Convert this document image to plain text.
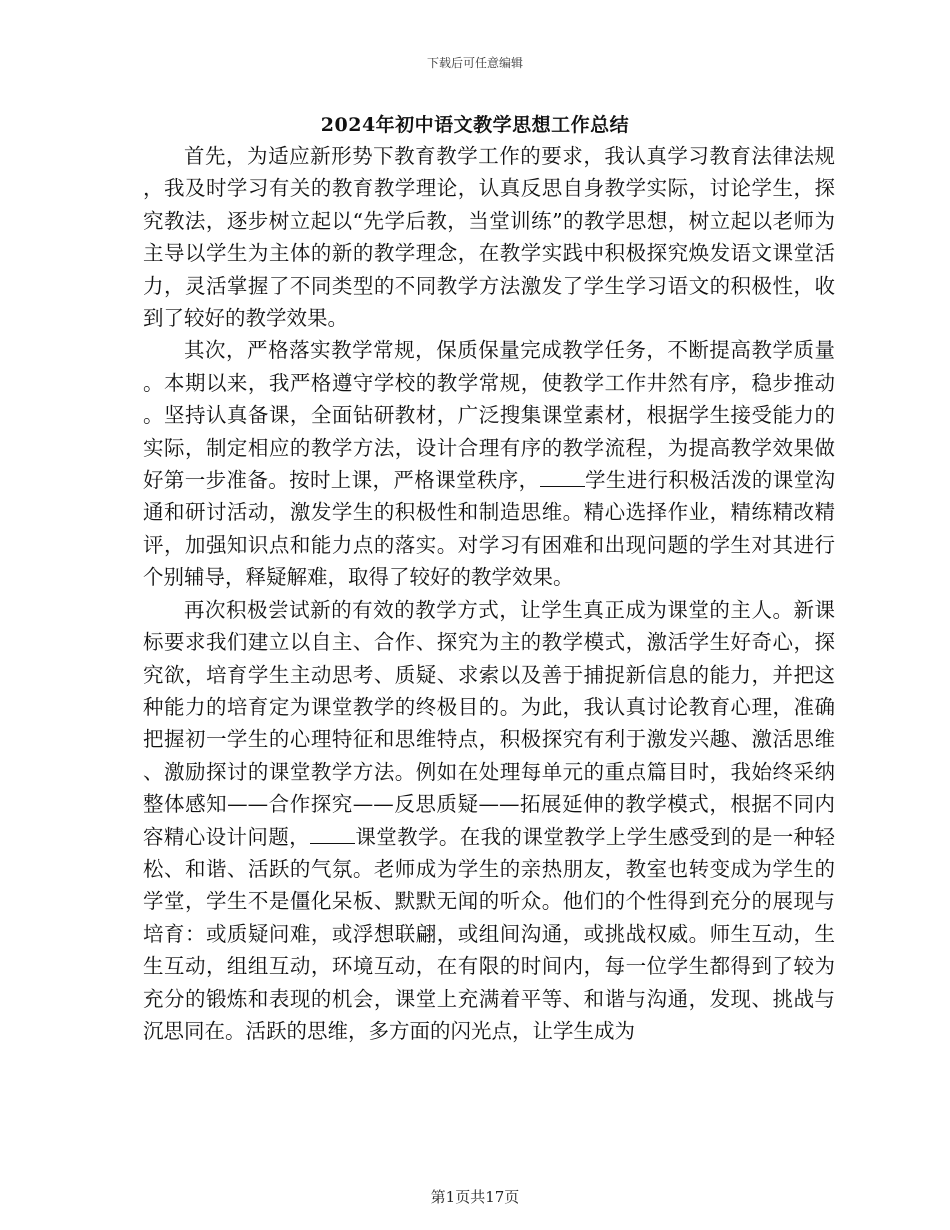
下载后可任意编辑
2024年初中语文教学思想工作总结

首先，为适应新形势下教育教学工作的要求，我认真学习教育法律法规，我及时学习有关的教育教学理论，认真反思自身教学实际，讨论学生，探究教法，逐步树立起以“先学后教，当堂训练”的教学思想，树立起以老师为主导以学生为主体的新的教学理念，在教学实践中积极探究焕发语文课堂活力，灵活掌握了不同类型的不同教学方法激发了学生学习语文的积极性，收到了较好的教学效果。

其次，严格落实教学常规，保质保量完成教学任务，不断提高教学质量。本期以来，我严格遵守学校的教学常规，使教学工作井然有序，稳步推动。坚持认真备课，全面钻研教材，广泛搜集课堂素材，根据学生接受能力的实际，制定相应的教学方法，设计合理有序的教学流程，为提高教学效果做好第一步准备。按时上课，严格课堂秩序， 学生进行积极活泼的课堂沟通和研讨活动，激发学生的积极性和制造思维。精心选择作业，精练精改精评，加强知识点和能力点的落实。对学习有困难和出现问题的学生对其进行个别辅导，释疑解难，取得了较好的教学效果。

再次积极尝试新的有效的教学方式，让学生真正成为课堂的主人。新课标要求我们建立以自主、合作、探究为主的教学模式，激活学生好奇心，探究欲，培育学生主动思考、质疑、求索以及善于捕捉新信息的能力，并把这种能力的培育定为课堂教学的终极目的。为此，我认真讨论教育心理，准确把握初一学生的心理特征和思维特点，积极探究有利于激发兴趣、激活思维、激励探讨的课堂教学方法。例如在处理每单元的重点篇目时，我始终采纳整体感知——合作探究——反思质疑——拓展延伸的教学模式，根据不同内容精心设计问题， 课堂教学。在我的课堂教学上学生感受到的是一种轻松、和谐、活跃的气氛。老师成为学生的亲热朋友，教室也转变成为学生的学堂，学生不是僵化呆板、默默无闻的听众。他们的个性得到充分的展现与培育：或质疑问难，或浮想联翩，或组间沟通，或挑战权威。师生互动，生生互动，组组互动，环境互动，在有限的时间内，每一位学生都得到了较为充分的锻炼和表现的机会，课堂上充满着平等、和谐与沟通，发现、挑战与沉思同在。活跃的思维，多方面的闪光点，让学生成为

第1页共17页
